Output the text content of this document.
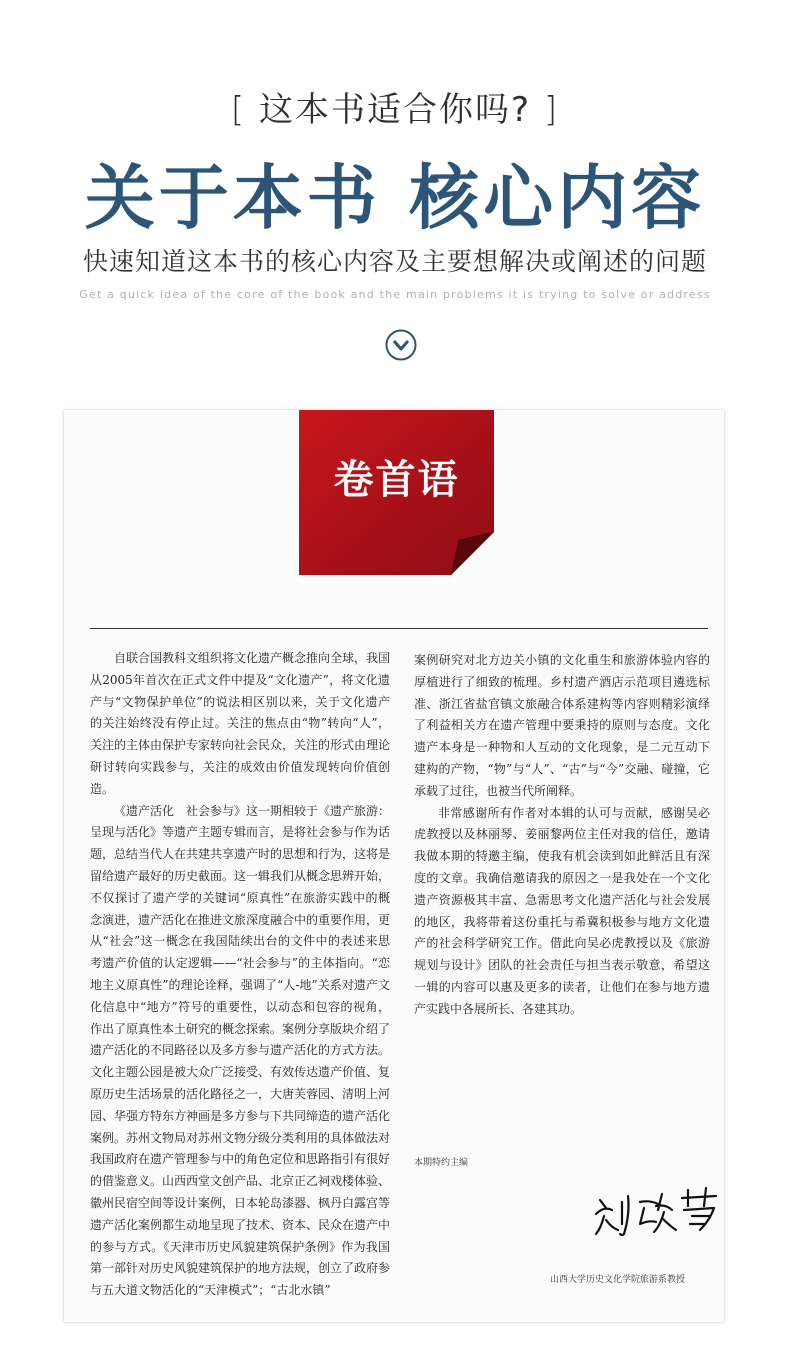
[ 这本书适合你吗? ]
关于本书 核心内容
快速知道这本书的核心内容及主要想解决或阐述的问题
Get a quick idea of the core of the book and the main problems it is trying to solve or address
卷首语

自联合国教科文组织将文化遗产概念推向全球，我国从2005年首次在正式文件中提及“文化遗产”，将文化遗产与“文物保护单位”的说法相区别以来，关于文化遗产的关注始终没有停止过。关注的焦点由“物”转向“人”，关注的主体由保护专家转向社会民众，关注的形式由理论研讨转向实践参与，关注的成效由价值发现转向价值创造。

《遗产活化　社会参与》这一期相较于《遗产旅游：呈现与活化》等遗产主题专辑而言，是将社会参与作为话题，总结当代人在共建共享遗产时的思想和行为，这将是留给遗产最好的历史截面。这一辑我们从概念思辨开始，不仅探讨了遗产学的关键词“原真性”在旅游实践中的概念演进，遗产活化在推进文旅深度融合中的重要作用，更从“社会”这一概念在我国陆续出台的文件中的表述来思考遗产价值的认定逻辑——“社会参与”的主体指向。“恋地主义原真性”的理论诠释，强调了“人-地”关系对遗产文化信息中“地方”符号的重要性，以动态和包容的视角，作出了原真性本土研究的概念探索。案例分享版块介绍了遗产活化的不同路径以及多方参与遗产活化的方式方法。文化主题公园是被大众广泛接受、有效传达遗产价值、复原历史生活场景的活化路径之一，大唐芙蓉园、清明上河园、华强方特东方神画是多方参与下共同缔造的遗产活化案例。苏州文物局对苏州文物分级分类利用的具体做法对我国政府在遗产管理参与中的角色定位和思路指引有很好的借鉴意义。山西西堂文创产品、北京正乙祠戏楼体验、徽州民宿空间等设计案例，日本轮岛漆器、枫丹白露宫等遗产活化案例都生动地呈现了技术、资本、民众在遗产中的参与方式。《天津市历史风貌建筑保护条例》作为我国第一部针对历史风貌建筑保护的地方法规，创立了政府参与五大道文物活化的“天津模式”；“古北水镇”

案例研究对北方边关小镇的文化重生和旅游体验内容的厚植进行了细致的梳理。乡村遗产酒店示范项目遴选标准、浙江省盐官镇文旅融合体系建构等内容则精彩演绎了利益相关方在遗产管理中要秉持的原则与态度。文化遗产本身是一种物和人互动的文化现象，是二元互动下建构的产物，“物”与“人”、“古”与“今”交融、碰撞，它承载了过往，也被当代所阐释。

非常感谢所有作者对本辑的认可与贡献，感谢吴必虎教授以及林丽琴、姜丽黎两位主任对我的信任，邀请我做本期的特邀主编，使我有机会读到如此鲜活且有深度的文章。我确信邀请我的原因之一是我处在一个文化遗产资源极其丰富、急需思考文化遗产活化与社会发展的地区，我将带着这份重托与希冀积极参与地方文化遗产的社会科学研究工作。借此向吴必虎教授以及《旅游规划与设计》团队的社会责任与担当表示敬意，希望这一辑的内容可以惠及更多的读者，让他们在参与地方遗产实践中各展所长、各建其功。

本期特约主编
山西大学历史文化学院旅游系教授
